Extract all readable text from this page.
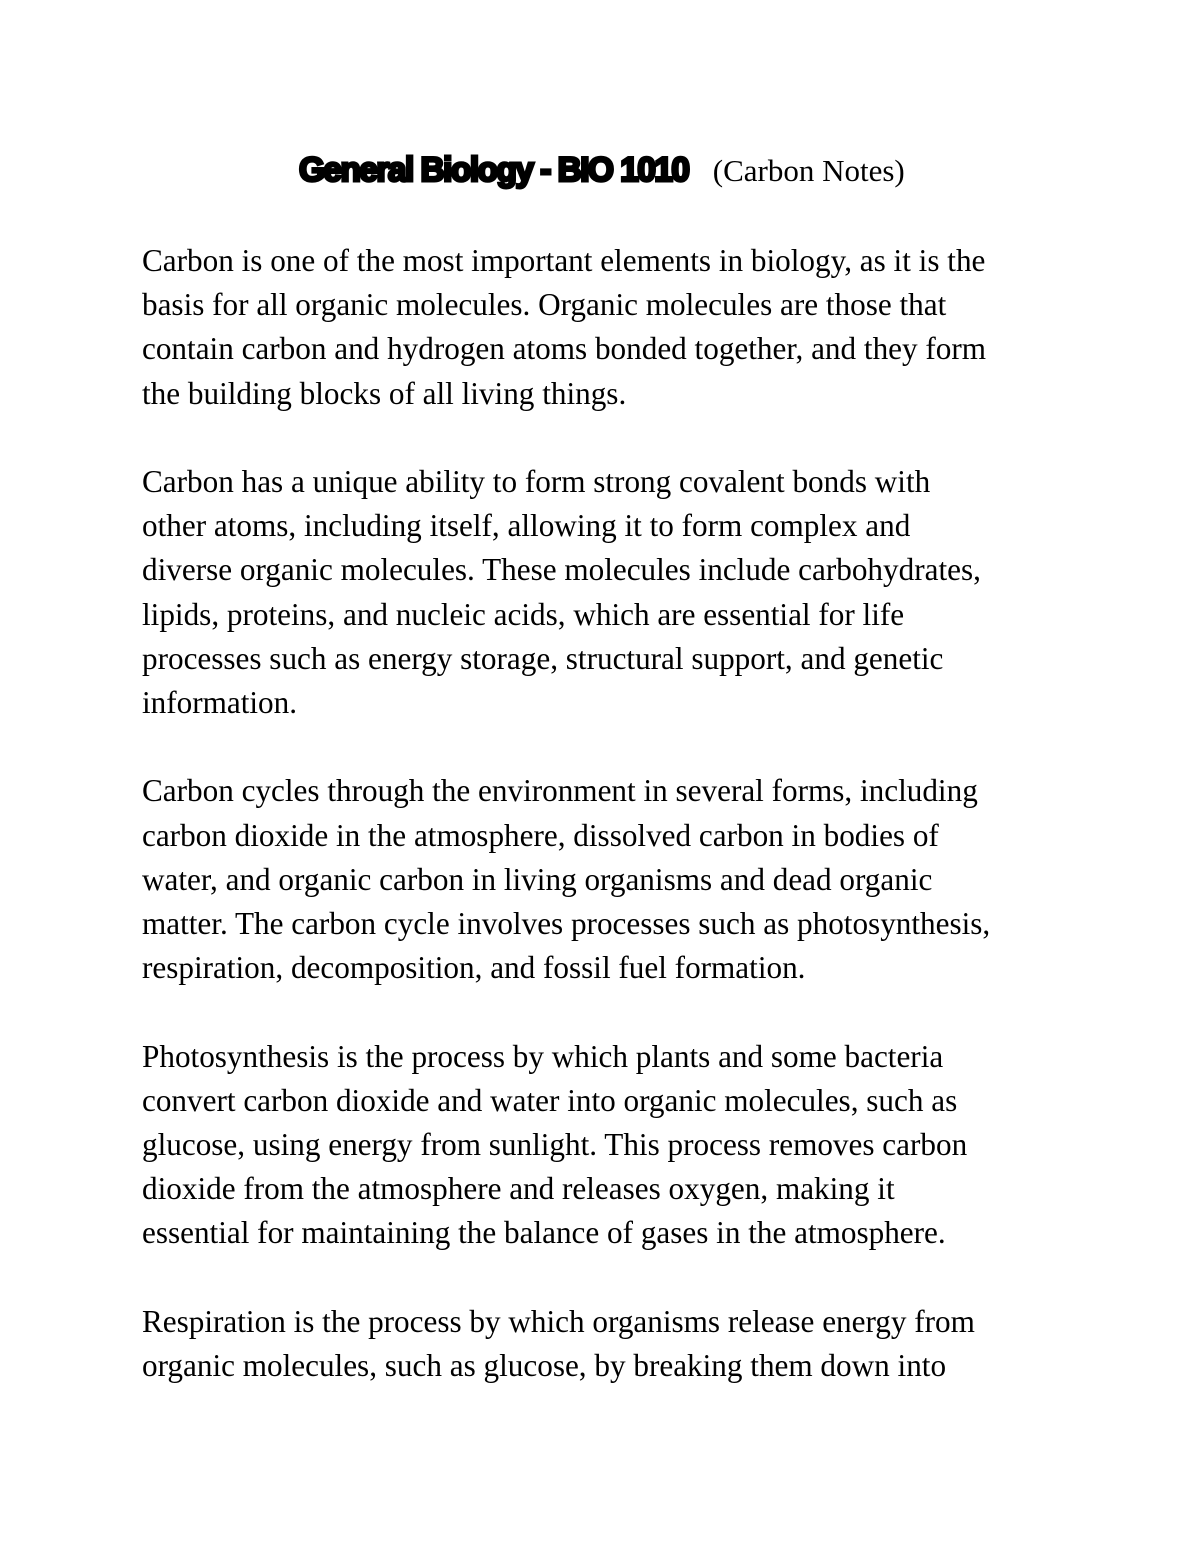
General Biology - BIO 1010 (Carbon Notes)

Carbon is one of the most important elements in biology, as it is the
basis for all organic molecules. Organic molecules are those that
contain carbon and hydrogen atoms bonded together, and they form
the building blocks of all living things.

Carbon has a unique ability to form strong covalent bonds with
other atoms, including itself, allowing it to form complex and
diverse organic molecules. These molecules include carbohydrates,
lipids, proteins, and nucleic acids, which are essential for life
processes such as energy storage, structural support, and genetic
information.

Carbon cycles through the environment in several forms, including
carbon dioxide in the atmosphere, dissolved carbon in bodies of
water, and organic carbon in living organisms and dead organic
matter. The carbon cycle involves processes such as photosynthesis,
respiration, decomposition, and fossil fuel formation.

Photosynthesis is the process by which plants and some bacteria
convert carbon dioxide and water into organic molecules, such as
glucose, using energy from sunlight. This process removes carbon
dioxide from the atmosphere and releases oxygen, making it
essential for maintaining the balance of gases in the atmosphere.

Respiration is the process by which organisms release energy from
organic molecules, such as glucose, by breaking them down into
